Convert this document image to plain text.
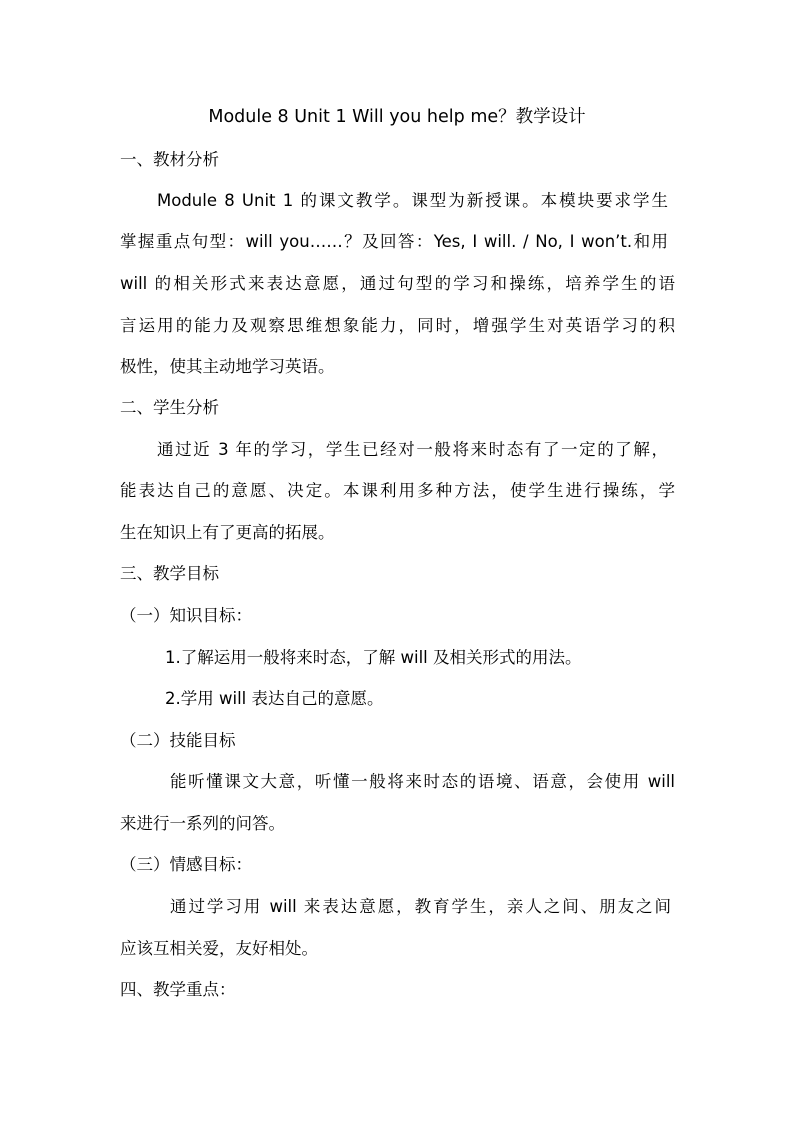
Module 8 Unit 1 Will you help me？教学设计
一、教材分析
Module 8 Unit 1 的课文教学。课型为新授课。本模块要求学生
掌握重点句型：will you……？及回答：Yes, I will. / No, I won’t.和用
will 的相关形式来表达意愿，通过句型的学习和操练，培养学生的语
言运用的能力及观察思维想象能力，同时，增强学生对英语学习的积
极性，使其主动地学习英语。
二、学生分析
通过近 3 年的学习，学生已经对一般将来时态有了一定的了解，
能表达自己的意愿、决定。本课利用多种方法，使学生进行操练，学
生在知识上有了更高的拓展。
三、教学目标
（一）知识目标：
1.了解运用一般将来时态，了解 will 及相关形式的用法。
2.学用 will 表达自己的意愿。
（二）技能目标
能听懂课文大意，听懂一般将来时态的语境、语意，会使用 will
来进行一系列的问答。
（三）情感目标：
通过学习用 will 来表达意愿，教育学生，亲人之间、朋友之间
应该互相关爱，友好相处。
四、教学重点：
